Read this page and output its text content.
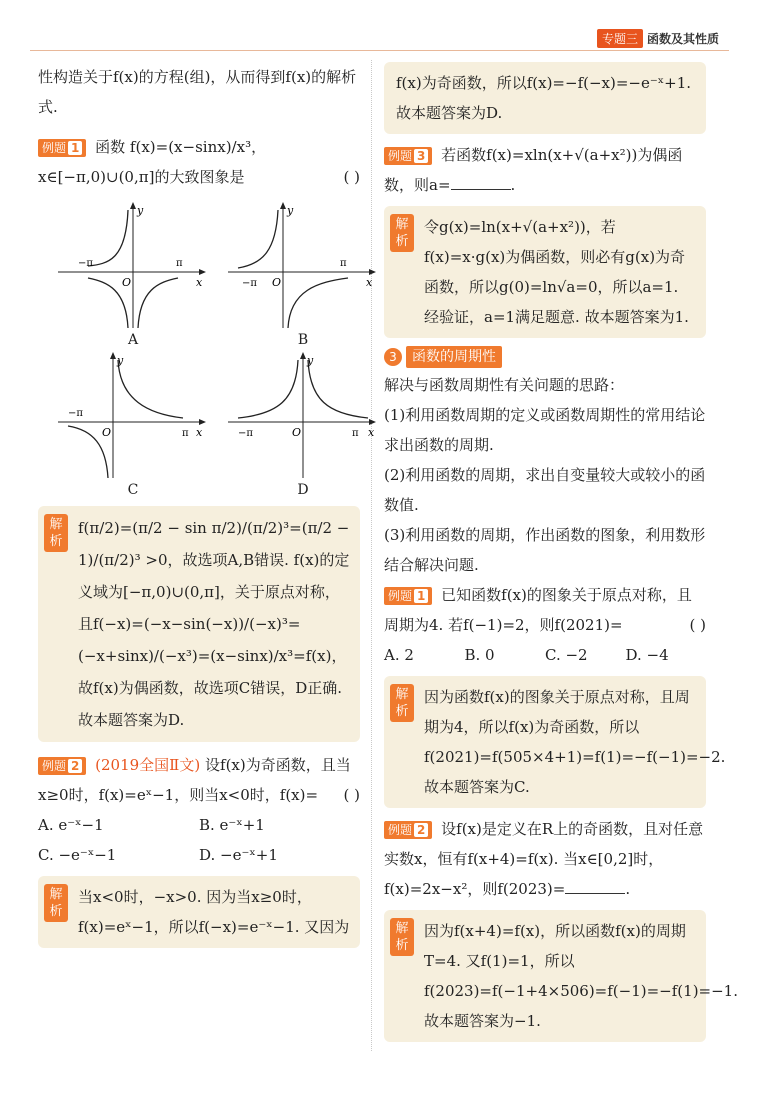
专题三 函数及其性质

性构造关于f(x)的方程(组)，从而得到f(x)的解析式.

例题 1 函数 f(x)=(x−sinx)/x³，x∈[−π,0)∪(0,π]的大致图象是	( )

y
x
O
−π	π
A
y
x
O
−π
π
B
y
x
O
−π
π
C
y
x
O
−π	π
D
解析

f(π/2)=(π/2 − sin π/2)/(π/2)³=(π/2 − 1)/(π/2)³ >0，故选项A,B错误. f(x)的定义域为[−π,0)∪(0,π]，关于原点对称，且f(−x)=(−x−sin(−x))/(−x)³=(−x+sinx)/(−x³)=(x−sinx)/x³=f(x)，故f(x)为偶函数，故选项C错误，D正确. 故本题答案为D.

例题 2 (2019全国Ⅱ文) 设f(x)为奇函数，且当x≥0时，f(x)=eˣ−1，则当x<0时，f(x)= ( )

A. e⁻ˣ−1	B. e⁻ˣ+1
C. −e⁻ˣ−1	D. −e⁻ˣ+1
解析

当x<0时，−x>0. 因为当x≥0时，f(x)=eˣ−1，所以f(−x)=e⁻ˣ−1. 又因为

f(x)为奇函数，所以f(x)=−f(−x)=−e⁻ˣ+1. 故本题答案为D.

例题 3 若函数f(x)=xln(x+√(a+x²))为偶函数，则a=	.

解析

令g(x)=ln(x+√(a+x²))，若f(x)=x·g(x)为偶函数，则必有g(x)为奇函数，所以g(0)=ln√a=0，所以a=1. 经验证，a=1满足题意. 故本题答案为1.

3	函数的周期性

解决与函数周期性有关问题的思路：

(1)利用函数周期的定义或函数周期性的常用结论求出函数的周期.

(2)利用函数的周期，求出自变量较大或较小的函数值.

(3)利用函数的周期，作出函数的图象，利用数形结合解决问题.

例题 1 已知函数f(x)的图象关于原点对称，且周期为4. 若f(−1)=2，则f(2021)=	( )

A. 2	B. 0	C. −2	D. −4
解析

因为函数f(x)的图象关于原点对称，且周期为4，所以f(x)为奇函数，所以f(2021)=f(505×4+1)=f(1)=−f(−1)=−2. 故本题答案为C.

例题 2 设f(x)是定义在R上的奇函数，且对任意实数x，恒有f(x+4)=f(x). 当x∈[0,2]时，f(x)=2x−x²，则f(2023)=	.

解析

因为f(x+4)=f(x)，所以函数f(x)的周期T=4. 又f(1)=1，所以f(2023)=f(−1+4×506)=f(−1)=−f(1)=−1. 故本题答案为−1.
